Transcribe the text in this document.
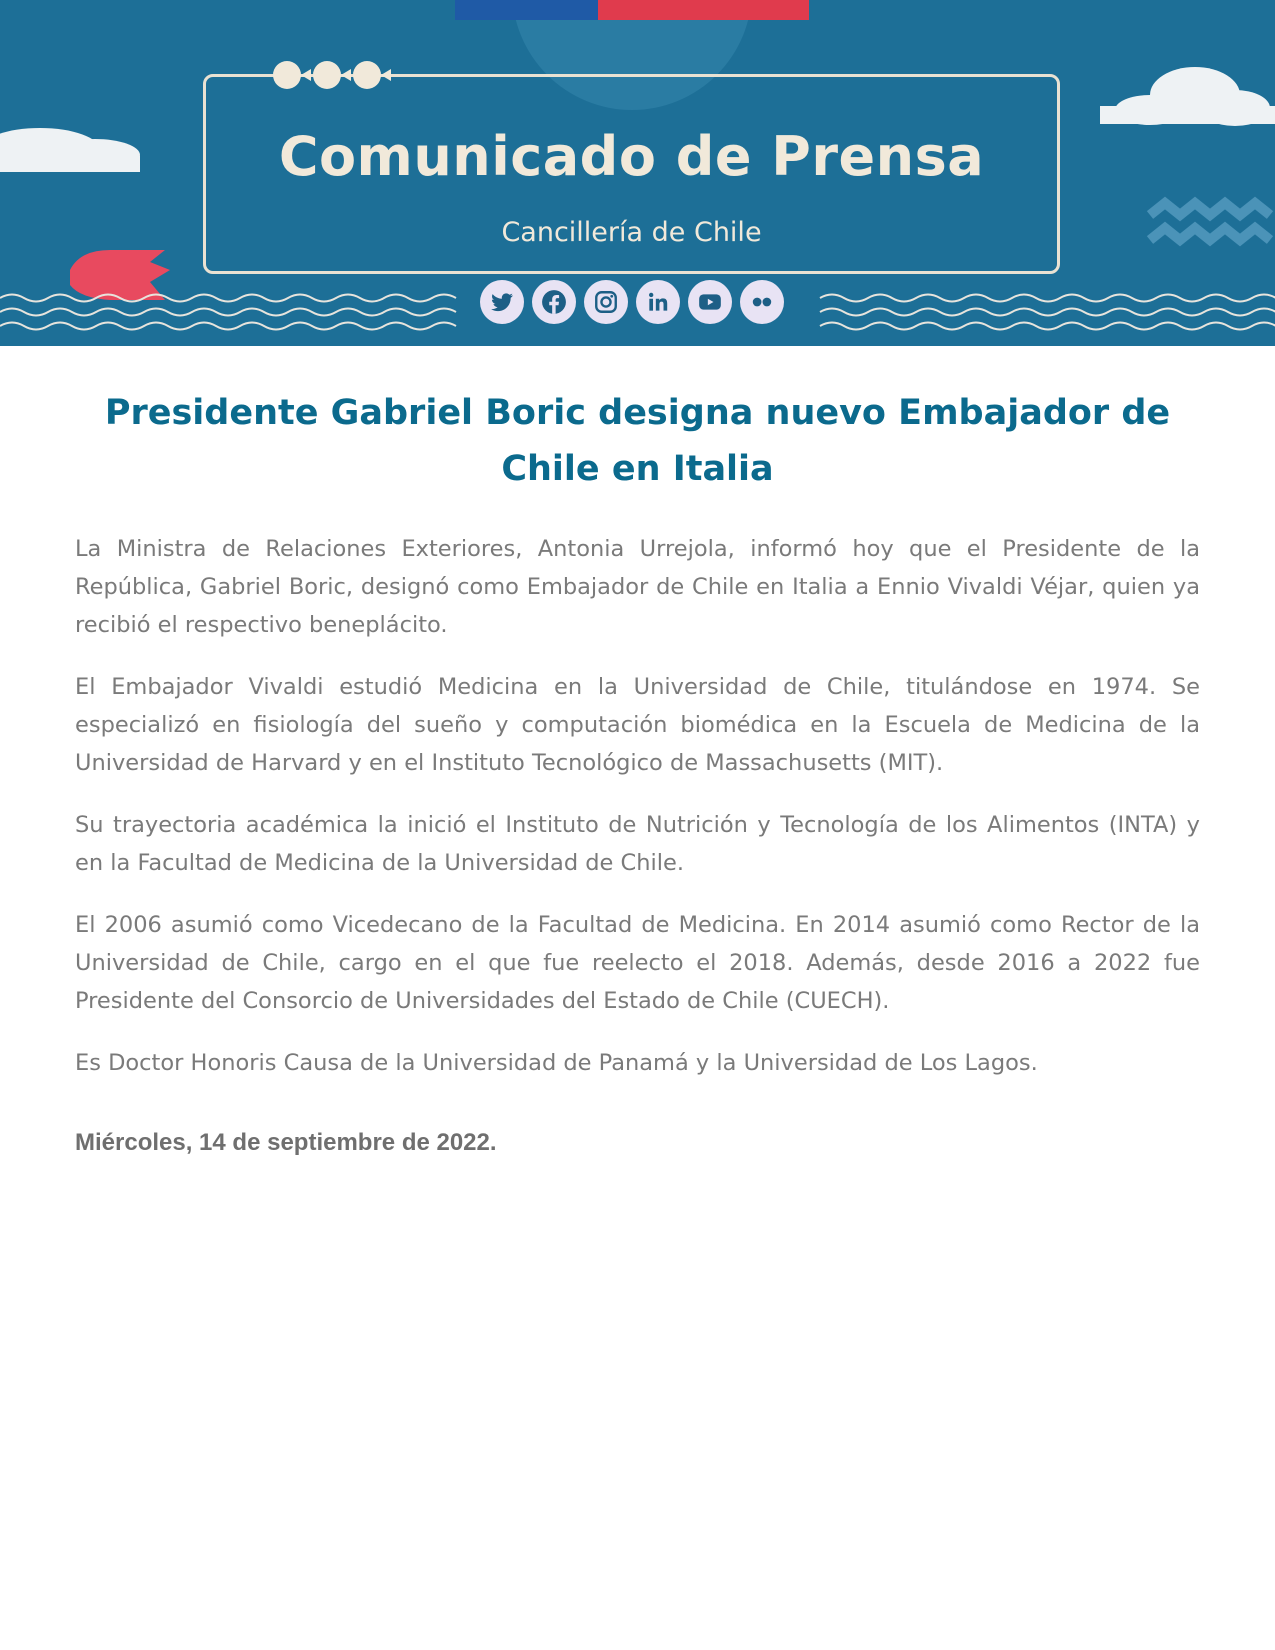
Comunicado de Prensa
Cancillería de Chile
Presidente Gabriel Boric designa nuevo Embajador de Chile en Italia

La Ministra de Relaciones Exteriores, Antonia Urrejola, informó hoy que el Presidente de la República, Gabriel Boric, designó como Embajador de Chile en Italia a Ennio Vivaldi Véjar, quien ya recibió el respectivo beneplácito.

El Embajador Vivaldi estudió Medicina en la Universidad de Chile, titulándose en 1974. Se especializó en fisiología del sueño y computación biomédica en la Escuela de Medicina de la Universidad de Harvard y en el Instituto Tecnológico de Massachusetts (MIT).

Su trayectoria académica la inició el Instituto de Nutrición y Tecnología de los Alimentos (INTA) y en la Facultad de Medicina de la Universidad de Chile.

El 2006 asumió como Vicedecano de la Facultad de Medicina. En 2014 asumió como Rector de la Universidad de Chile, cargo en el que fue reelecto el 2018. Además, desde 2016 a 2022 fue Presidente del Consorcio de Universidades del Estado de Chile (CUECH).

Es Doctor Honoris Causa de la Universidad de Panamá y la Universidad de Los Lagos.

Miércoles, 14 de septiembre de 2022.
